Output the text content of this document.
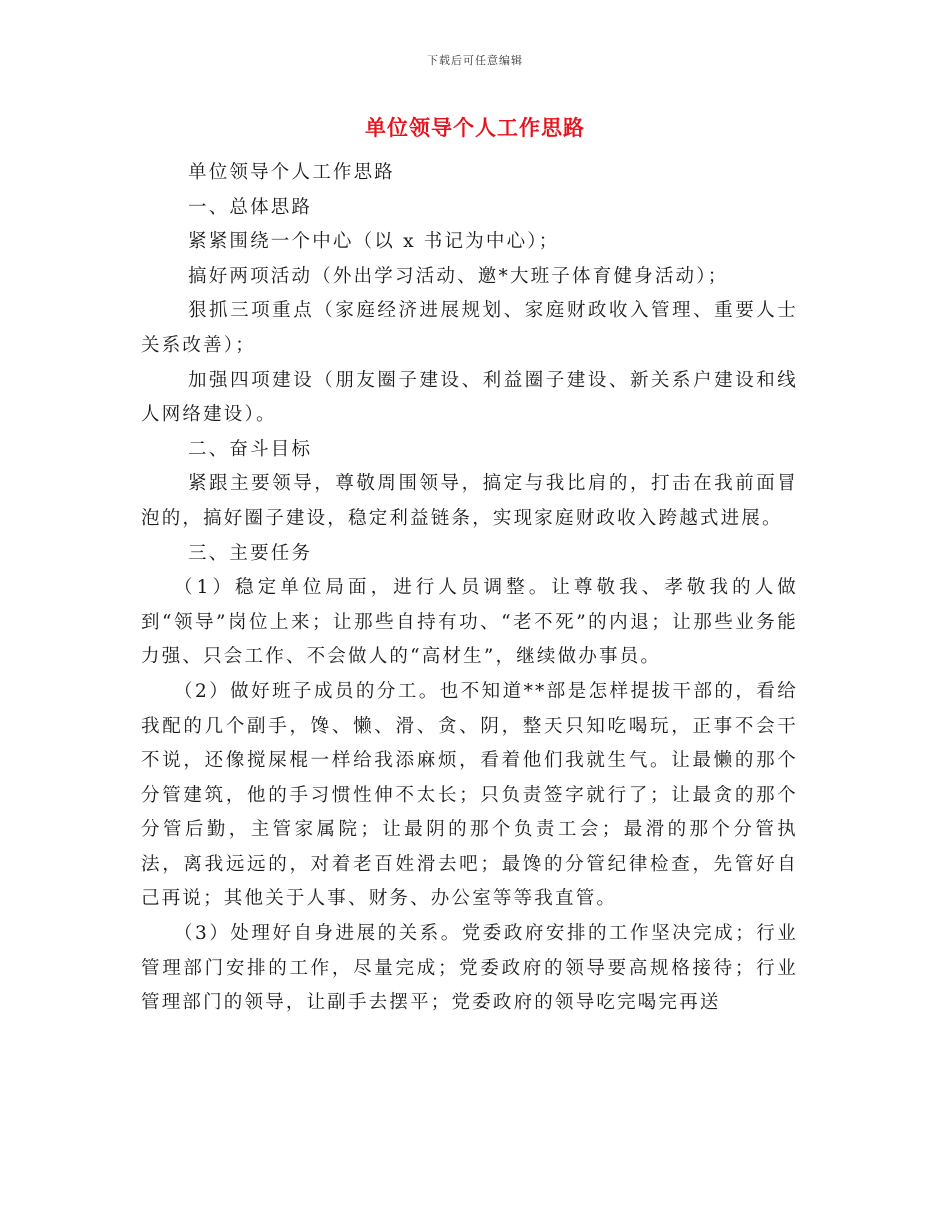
下载后可任意编辑
单位领导个人工作思路

单位领导个人工作思路

一、总体思路

紧紧围绕一个中心（以 x 书记为中心）；

搞好两项活动（外出学习活动、邀*大班子体育健身活动）；

狠抓三项重点（家庭经济进展规划、家庭财政收入管理、重要人士关系改善）；

加强四项建设（朋友圈子建设、利益圈子建设、新关系户建设和线人网络建设）。

二、奋斗目标

紧跟主要领导，尊敬周围领导，搞定与我比肩的，打击在我前面冒泡的，搞好圈子建设，稳定利益链条，实现家庭财政收入跨越式进展。

三、主要任务

（1）稳定单位局面，进行人员调整。让尊敬我、孝敬我的人做到“领导”岗位上来；让那些自持有功、“老不死”的内退；让那些业务能力强、只会工作、不会做人的“高材生”，继续做办事员。

（2）做好班子成员的分工。也不知道**部是怎样提拔干部的，看给我配的几个副手，馋、懒、滑、贪、阴，整天只知吃喝玩，正事不会干不说，还像搅屎棍一样给我添麻烦，看着他们我就生气。让最懒的那个分管建筑，他的手习惯性伸不太长；只负责签字就行了；让最贪的那个分管后勤，主管家属院；让最阴的那个负责工会；最滑的那个分管执法，离我远远的，对着老百姓滑去吧；最馋的分管纪律检查，先管好自己再说；其他关于人事、财务、办公室等等我直管。

（3）处理好自身进展的关系。党委政府安排的工作坚决完成；行业管理部门安排的工作，尽量完成；党委政府的领导要高规格接待；行业管理部门的领导，让副手去摆平；党委政府的领导吃完喝完再送
